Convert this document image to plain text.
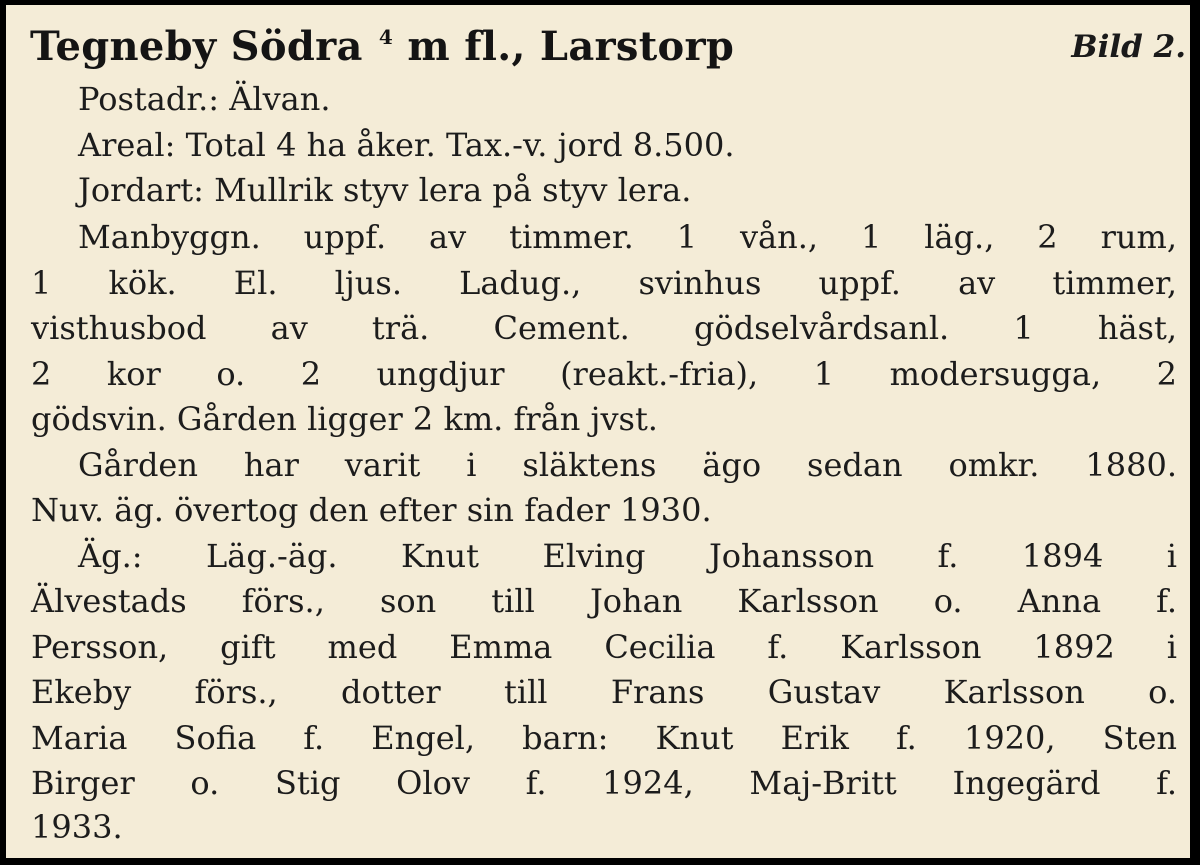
Tegneby Södra $^4$ m fl., Larstorp	Bild 2.
Postadr.: Älvan.
Areal: Total 4 ha åker. Tax.-v. jord 8.500.
Jordart: Mullrik styv lera på styv lera.
Manbyggn. uppf. av timmer. 1 vån., 1 läg., 2 rum,
1 kök. El. ljus. Ladug., svinhus uppf. av timmer,
visthusbod av trä. Cement. gödselvårdsanl. 1 häst,
2 kor o. 2 ungdjur (reakt.-fria), 1 modersugga, 2
gödsvin. Gården ligger 2 km. från jvst.
Gården har varit i släktens ägo sedan omkr. 1880.
Nuv. äg. övertog den efter sin fader 1930.
Äg.: Läg.-äg. Knut Elving Johansson f. 1894 i
Älvestads förs., son till Johan Karlsson o. Anna f.
Persson, gift med Emma Cecilia f. Karlsson 1892 i
Ekeby förs., dotter till Frans Gustav Karlsson o.
Maria Sofia f. Engel, barn: Knut Erik f. 1920, Sten
Birger o. Stig Olov f. 1924, Maj-Britt Ingegärd f.
1933.
